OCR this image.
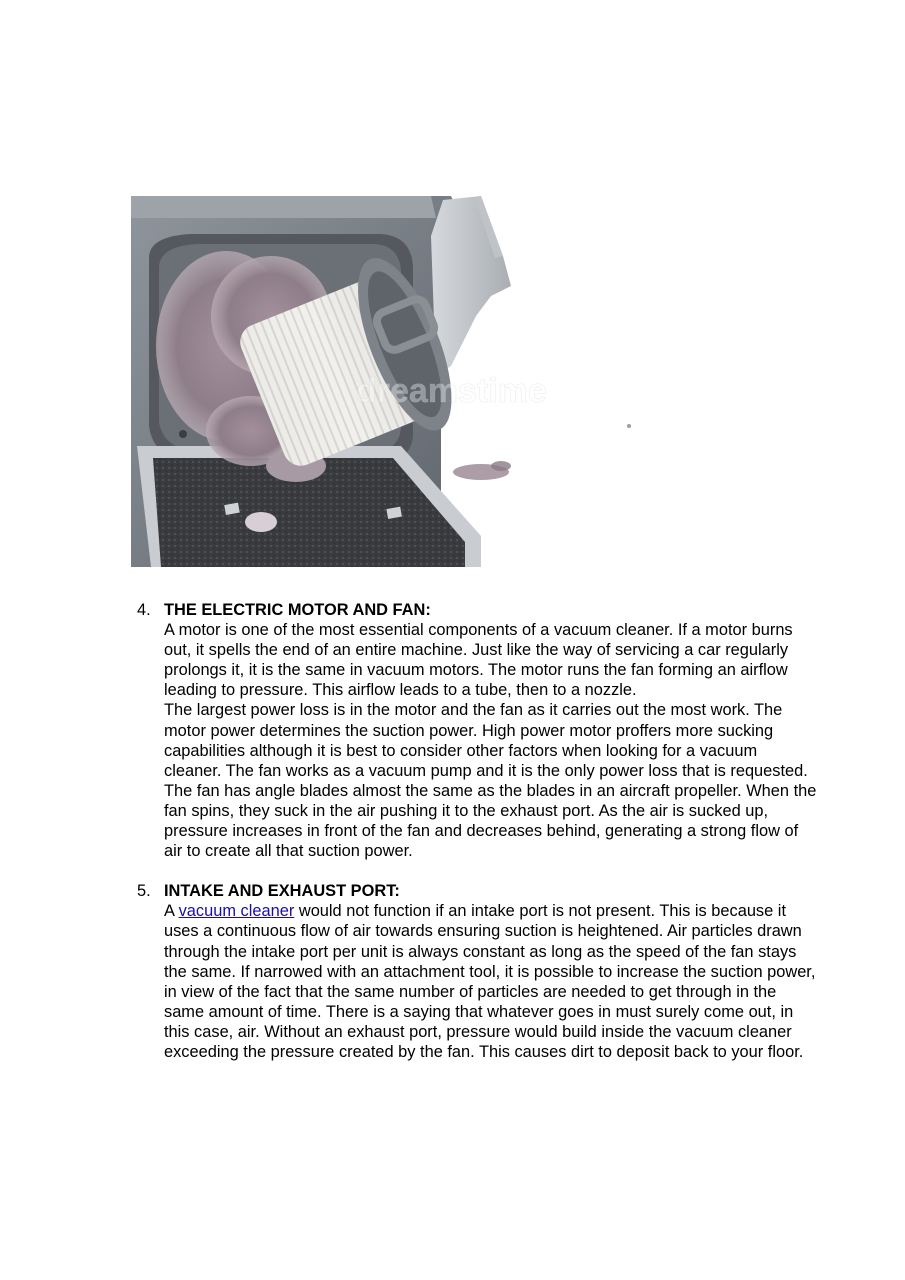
dreamstime
4. THE ELECTRIC MOTOR AND FAN:
A motor is one of the most essential components of a vacuum cleaner. If a motor burns out, it spells the end of an entire machine. Just like the way of servicing a car regularly prolongs it, it is the same in vacuum motors. The motor runs the fan forming an airflow leading to pressure. This airflow leads to a tube, then to a nozzle.
The largest power loss is in the motor and the fan as it carries out the most work. The motor power determines the suction power. High power motor proffers more sucking capabilities although it is best to consider other factors when looking for a vacuum cleaner. The fan works as a vacuum pump and it is the only power loss that is requested. The fan has angle blades almost the same as the blades in an aircraft propeller. When the fan spins, they suck in the air pushing it to the exhaust port. As the air is sucked up, pressure increases in front of the fan and decreases behind, generating a strong flow of air to create all that suction power.
5. INTAKE AND EXHAUST PORT:
A vacuum cleaner would not function if an intake port is not present. This is because it uses a continuous flow of air towards ensuring suction is heightened. Air particles drawn through the intake port per unit is always constant as long as the speed of the fan stays the same. If narrowed with an attachment tool, it is possible to increase the suction power, in view of the fact that the same number of particles are needed to get through in the same amount of time. There is a saying that whatever goes in must surely come out, in this case, air. Without an exhaust port, pressure would build inside the vacuum cleaner exceeding the pressure created by the fan. This causes dirt to deposit back to your floor.
